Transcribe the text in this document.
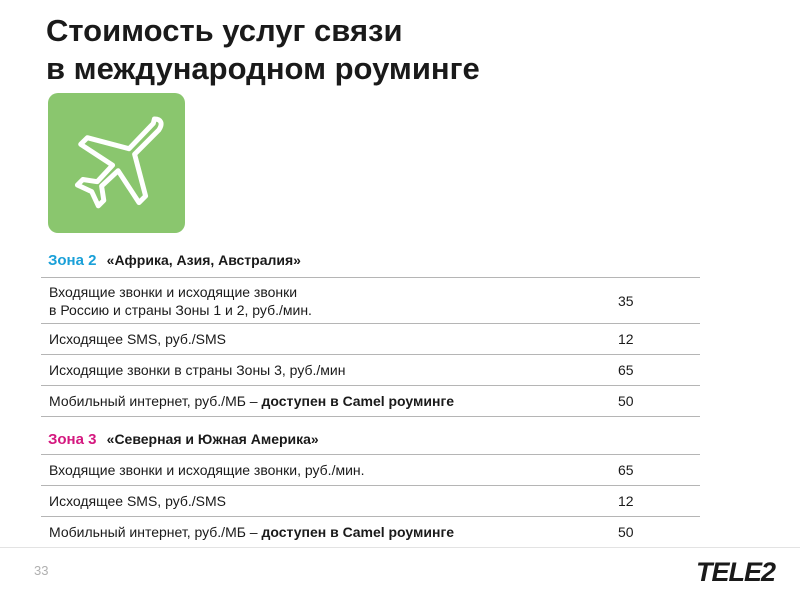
Стоимость услуг связи
в международном роуминге
Зона 2 «Африка, Азия, Австралия»
Входящие звонки и исходящие звонки
в Россию и страны Зоны 1 и 2, руб./мин.	35
Исходящее SMS, руб./SMS	12
Исходящие звонки в страны Зоны 3, руб./мин	65
Мобильный интернет, руб./МБ – доступен в Camel роуминге	50
Зона 3 «Северная и Южная Америка»
Входящие звонки и исходящие звонки, руб./мин.	65
Исходящее SMS, руб./SMS	12
Мобильный интернет, руб./МБ – доступен в Camel роуминге	50
33	TELE2
